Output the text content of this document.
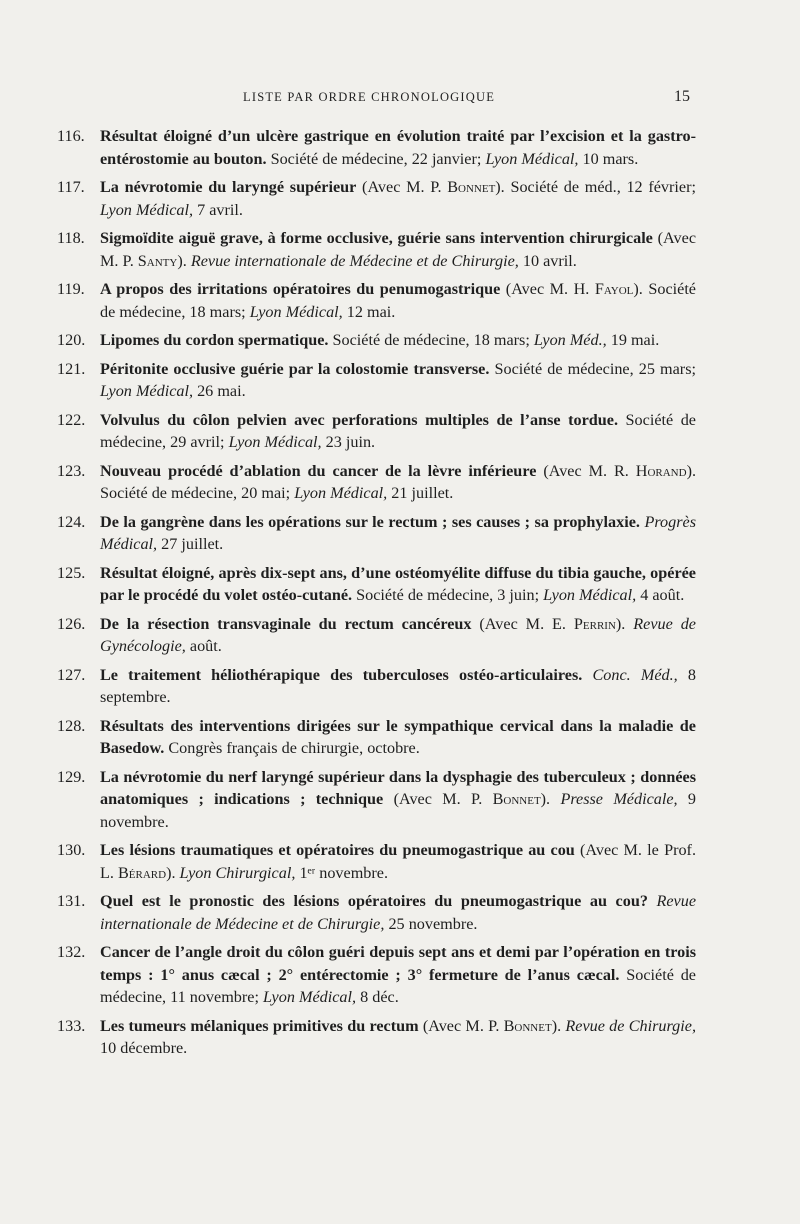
LISTE PAR ORDRE CHRONOLOGIQUE	15
116. Résultat éloigné d’un ulcère gastrique en évolution traité par l’excision et la gastro-entérostomie au bouton. Société de médecine, 22 janvier; Lyon Médical, 10 mars.
117. La névrotomie du laryngé supérieur (Avec M. P. Bonnet). Société de méd., 12 février; Lyon Médical, 7 avril.
118. Sigmoïdite aiguë grave, à forme occlusive, guérie sans intervention chirurgicale (Avec M. P. Santy). Revue internationale de Médecine et de Chirurgie, 10 avril.
119. A propos des irritations opératoires du penumogastrique (Avec M. H. Fayol). Société de médecine, 18 mars; Lyon Médical, 12 mai.
120. Lipomes du cordon spermatique. Société de médecine, 18 mars; Lyon Méd., 19 mai.
121. Péritonite occlusive guérie par la colostomie transverse. Société de médecine, 25 mars; Lyon Médical, 26 mai.
122. Volvulus du côlon pelvien avec perforations multiples de l’anse tordue. Société de médecine, 29 avril; Lyon Médical, 23 juin.
123. Nouveau procédé d’ablation du cancer de la lèvre inférieure (Avec M. R. Horand). Société de médecine, 20 mai; Lyon Médical, 21 juillet.
124. De la gangrène dans les opérations sur le rectum ; ses causes ; sa prophylaxie. Progrès Médical, 27 juillet.
125. Résultat éloigné, après dix-sept ans, d’une ostéomyélite diffuse du tibia gauche, opérée par le procédé du volet ostéo-cutané. Société de médecine, 3 juin; Lyon Médical, 4 août.
126. De la résection transvaginale du rectum cancéreux (Avec M. E. Perrin). Revue de Gynécologie, août.
127. Le traitement héliothérapique des tuberculoses ostéo-articulaires. Conc. Méd., 8 septembre.
128. Résultats des interventions dirigées sur le sympathique cervical dans la maladie de Basedow. Congrès français de chirurgie, octobre.
129. La névrotomie du nerf laryngé supérieur dans la dysphagie des tuberculeux ; données anatomiques ; indications ; technique (Avec M. P. Bonnet). Presse Médicale, 9 novembre.
130. Les lésions traumatiques et opératoires du pneumogastrique au cou (Avec M. le Prof. L. Bérard). Lyon Chirurgical, 1ᵉʳ novembre.
131. Quel est le pronostic des lésions opératoires du pneumogastrique au cou? Revue internationale de Médecine et de Chirurgie, 25 novembre.
132. Cancer de l’angle droit du côlon guéri depuis sept ans et demi par l’opération en trois temps : 1° anus cæcal ; 2° entérectomie ; 3° fermeture de l’anus cæcal. Société de médecine, 11 novembre; Lyon Médical, 8 déc.
133. Les tumeurs mélaniques primitives du rectum (Avec M. P. Bonnet). Revue de Chirurgie, 10 décembre.
